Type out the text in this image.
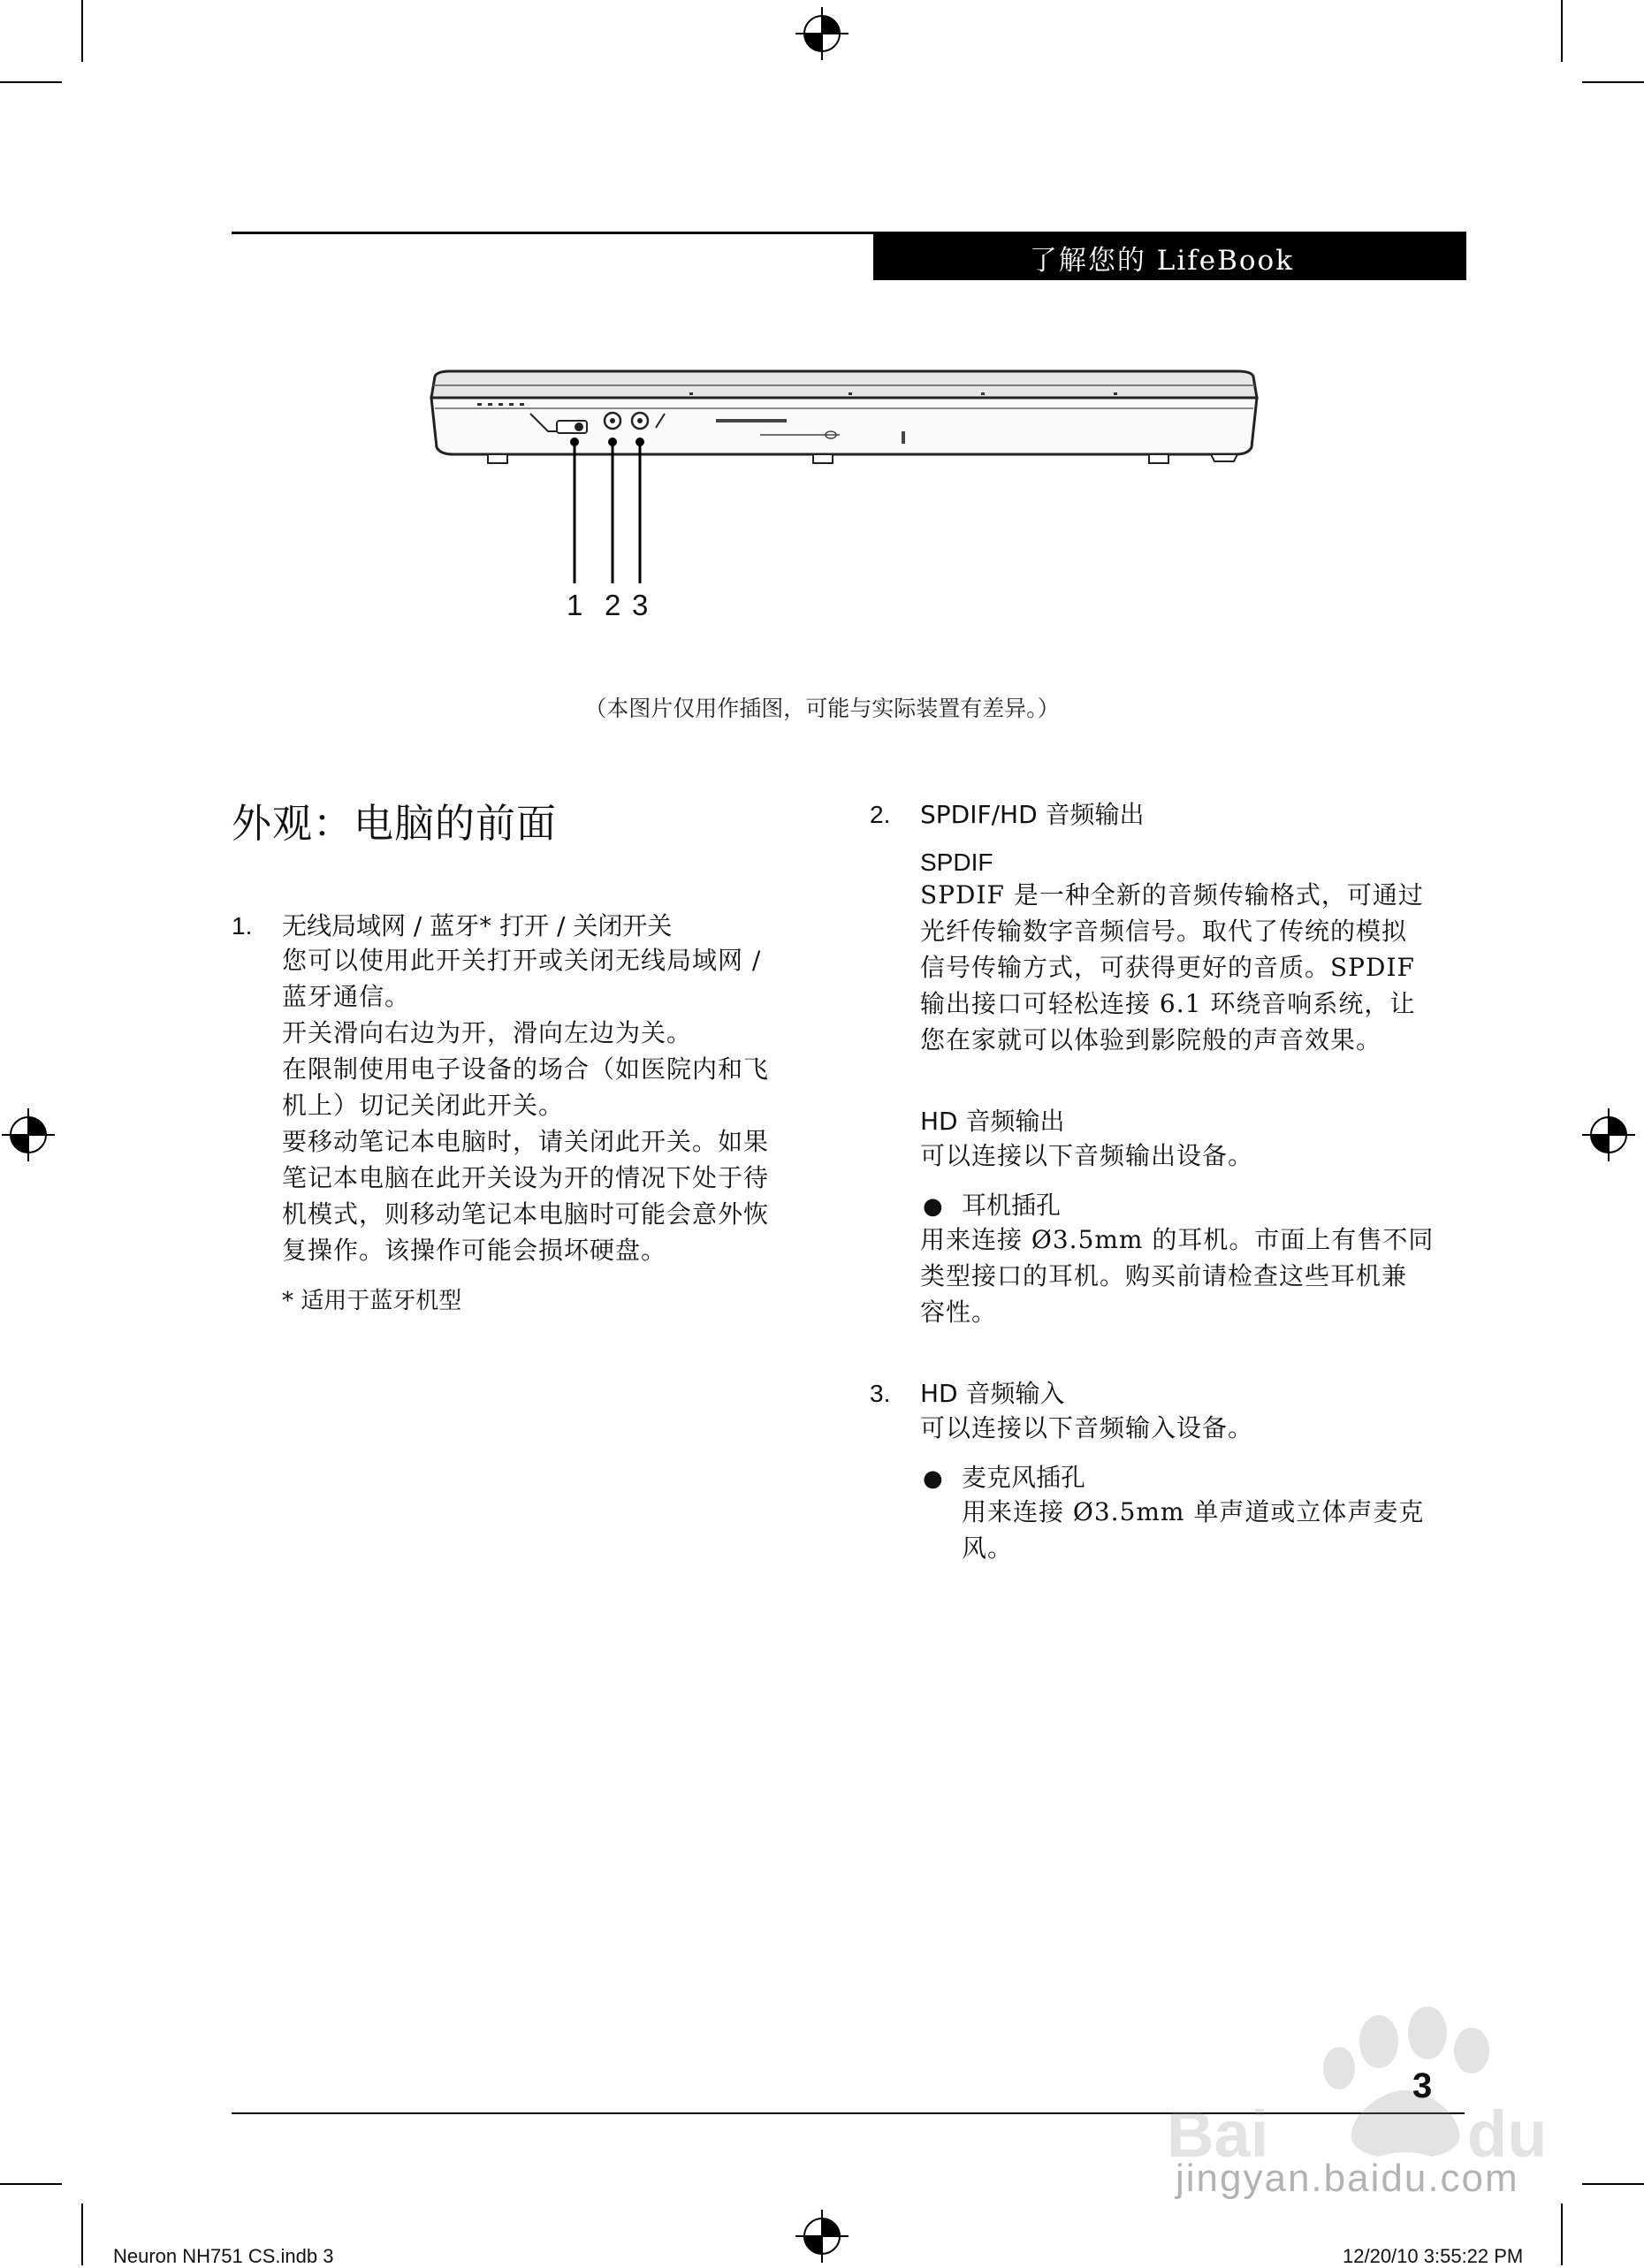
了解您的 LifeBook
1 2 3
（本图片仅用作插图，可能与实际装置有差异。）
外观：电脑的前面
1. 无线局域网 / 蓝牙* 打开 / 关闭开关

您可以使用此开关打开或关闭无线局域网 /

蓝牙通信。

开关滑向右边为开，滑向左边为关。

在限制使用电子设备的场合（如医院内和飞

机上）切记关闭此开关。

要移动笔记本电脑时，请关闭此开关。如果

笔记本电脑在此开关设为开的情况下处于待

机模式，则移动笔记本电脑时可能会意外恢

复操作。该操作可能会损坏硬盘。

* 适用于蓝牙机型
2. SPDIF/HD 音频输出
SPDIF

SPDIF 是一种全新的音频传输格式，可通过

光纤传输数字音频信号。取代了传统的模拟

信号传输方式，可获得更好的音质。SPDIF

输出接口可轻松连接 6.1 环绕音响系统，让

您在家就可以体验到影院般的声音效果。

HD 音频输出
可以连接以下音频输出设备。
● 耳机插孔

用来连接 Ø3.5mm 的耳机。市面上有售不同

类型接口的耳机。购买前请检查这些耳机兼

容性。

3. HD 音频输入
可以连接以下音频输入设备。
● 麦克风插孔

用来连接 Ø3.5mm 单声道或立体声麦克

风。

Bai	du
3
jingyan.baidu.com
Neuron NH751 CS.indb 3	12/20/10 3:55:22 PM
